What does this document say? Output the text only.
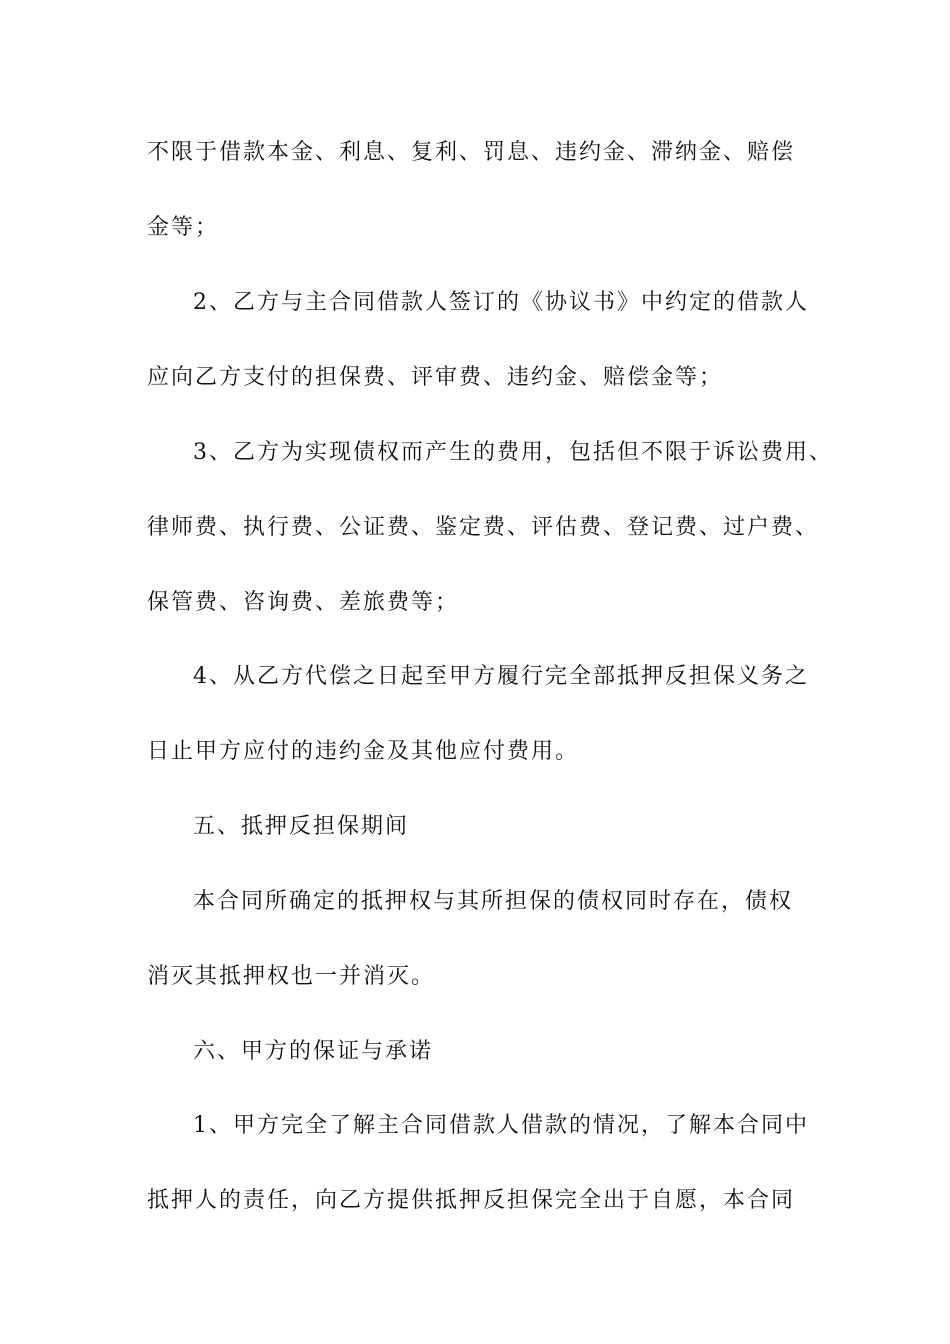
不限于借款本金、利息、复利、罚息、违约金、滞纳金、赔偿
金等；
2、乙方与主合同借款人签订的《协议书》中约定的借款人
应向乙方支付的担保费、评审费、违约金、赔偿金等；
3、乙方为实现债权而产生的费用，包括但不限于诉讼费用、
律师费、执行费、公证费、鉴定费、评估费、登记费、过户费、
保管费、咨询费、差旅费等；
4、从乙方代偿之日起至甲方履行完全部抵押反担保义务之
日止甲方应付的违约金及其他应付费用。
五、抵押反担保期间
本合同所确定的抵押权与其所担保的债权同时存在，债权
消灭其抵押权也一并消灭。
六、甲方的保证与承诺
1、甲方完全了解主合同借款人借款的情况，了解本合同中
抵押人的责任，向乙方提供抵押反担保完全出于自愿，本合同
